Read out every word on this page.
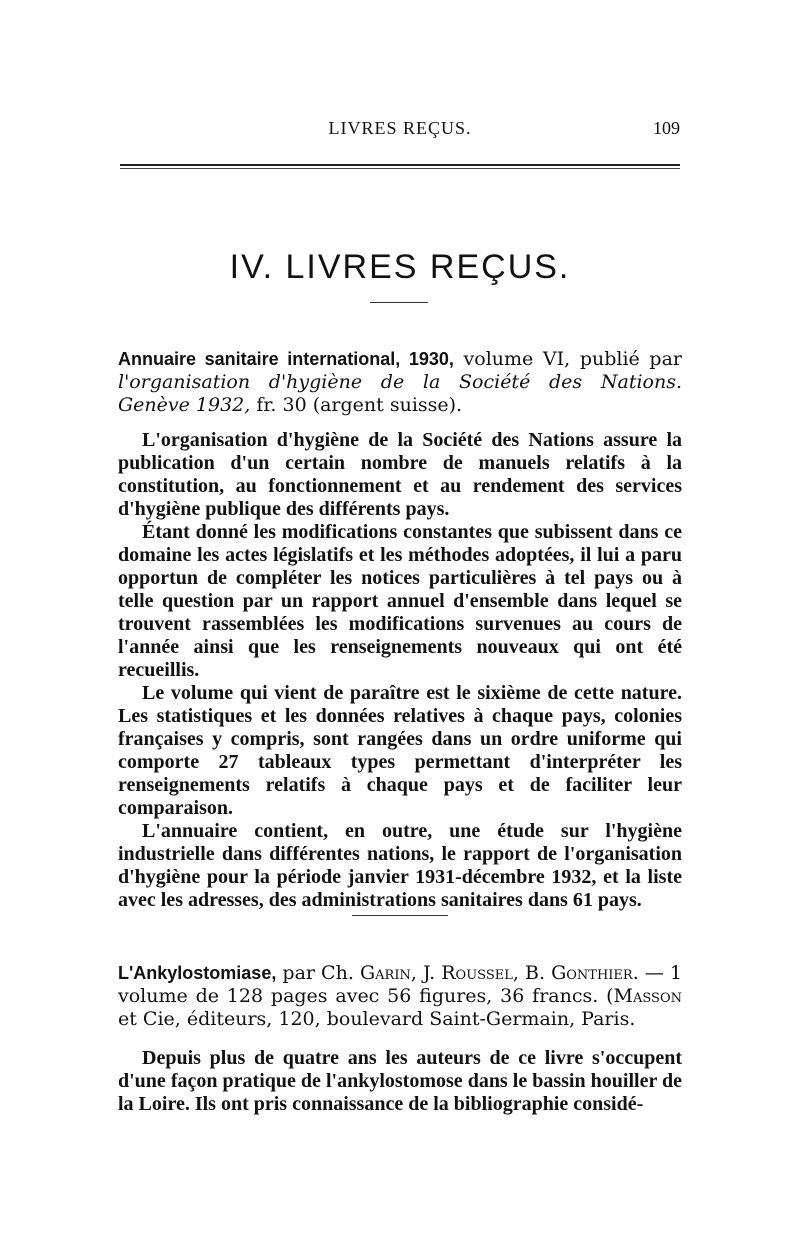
LIVRES REÇUS.	109
IV. LIVRES REÇUS.

Annuaire sanitaire international, 1930, volume VI, publié par l'organisation d'hygiène de la Société des Nations. Genève 1932, fr. 30 (argent suisse).

L'organisation d'hygiène de la Société des Nations assure la publication d'un certain nombre de manuels relatifs à la constitution, au fonctionnement et au rendement des services d'hygiène publique des différents pays.

Étant donné les modifications constantes que subissent dans ce domaine les actes législatifs et les méthodes adoptées, il lui a paru opportun de compléter les notices particulières à tel pays ou à telle question par un rapport annuel d'ensemble dans lequel se trouvent rassemblées les modifications survenues au cours de l'année ainsi que les renseignements nouveaux qui ont été recueillis.

Le volume qui vient de paraître est le sixième de cette nature. Les statistiques et les données relatives à chaque pays, colonies françaises y compris, sont rangées dans un ordre uniforme qui comporte 27 tableaux types permettant d'interpréter les renseignements relatifs à chaque pays et de faciliter leur comparaison.

L'annuaire contient, en outre, une étude sur l'hygiène industrielle dans différentes nations, le rapport de l'organisation d'hygiène pour la période janvier 1931-décembre 1932, et la liste avec les adresses, des administrations sanitaires dans 61 pays.

L'Ankylostomiase, par Ch. Garin, J. Roussel, B. Gonthier. — 1 volume de 128 pages avec 56 figures, 36 francs. (Masson et Cie, éditeurs, 120, boulevard Saint-Germain, Paris.

Depuis plus de quatre ans les auteurs de ce livre s'occupent d'une façon pratique de l'ankylostomose dans le bassin houiller de la Loire. Ils ont pris connaissance de la bibliographie considé-
